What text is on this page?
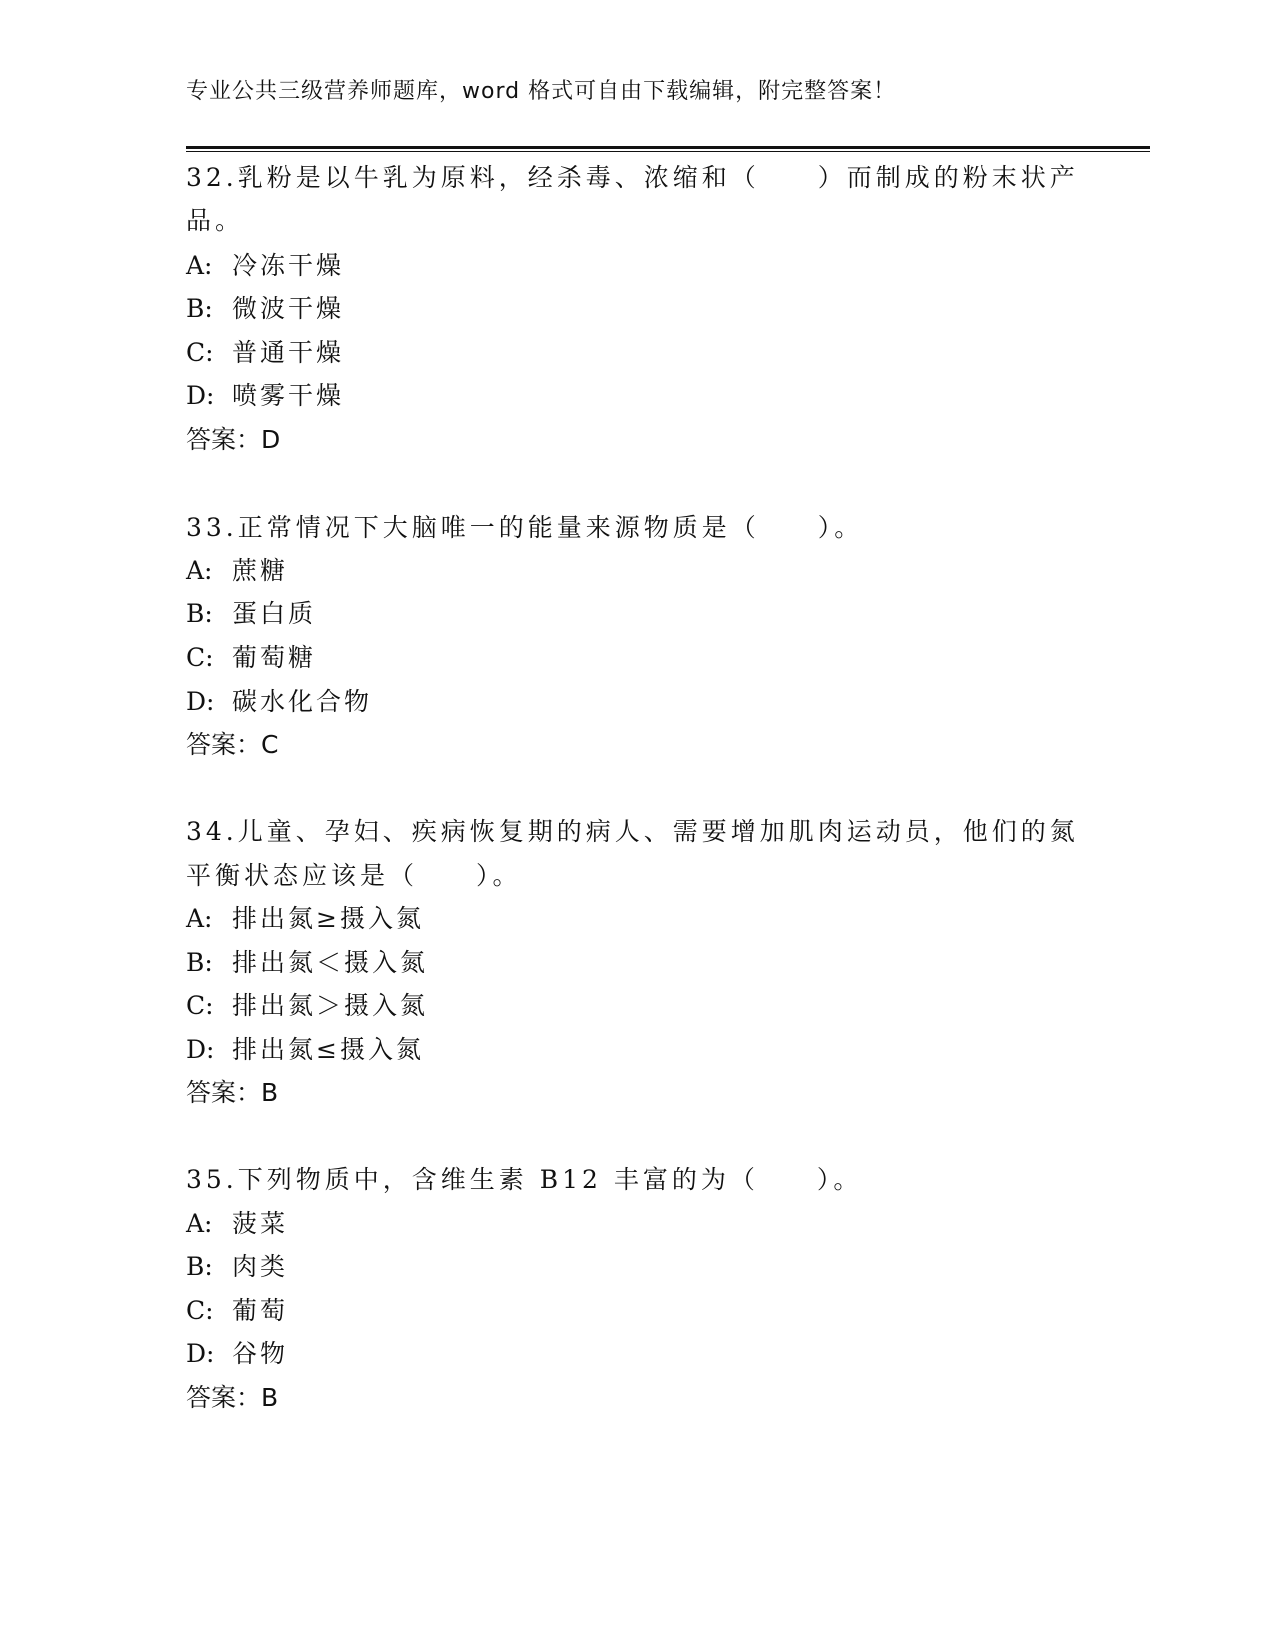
专业公共三级营养师题库，word 格式可自由下载编辑，附完整答案！
32.乳粉是以牛乳为原料，经杀毒、浓缩和（　　）而制成的粉末状产
品。
A: 冷冻干燥
B: 微波干燥
C: 普通干燥
D: 喷雾干燥
答案：D
33.正常情况下大脑唯一的能量来源物质是（　　）。
A: 蔗糖
B: 蛋白质
C: 葡萄糖
D: 碳水化合物
答案：C
34.儿童、孕妇、疾病恢复期的病人、需要增加肌肉运动员，他们的氮
平衡状态应该是（　　）。
A: 排出氮≥摄入氮
B: 排出氮＜摄入氮
C: 排出氮＞摄入氮
D: 排出氮≤摄入氮
答案：B
35.下列物质中，含维生素 B12 丰富的为（　　）。
A: 菠菜
B: 肉类
C: 葡萄
D: 谷物
答案：B
